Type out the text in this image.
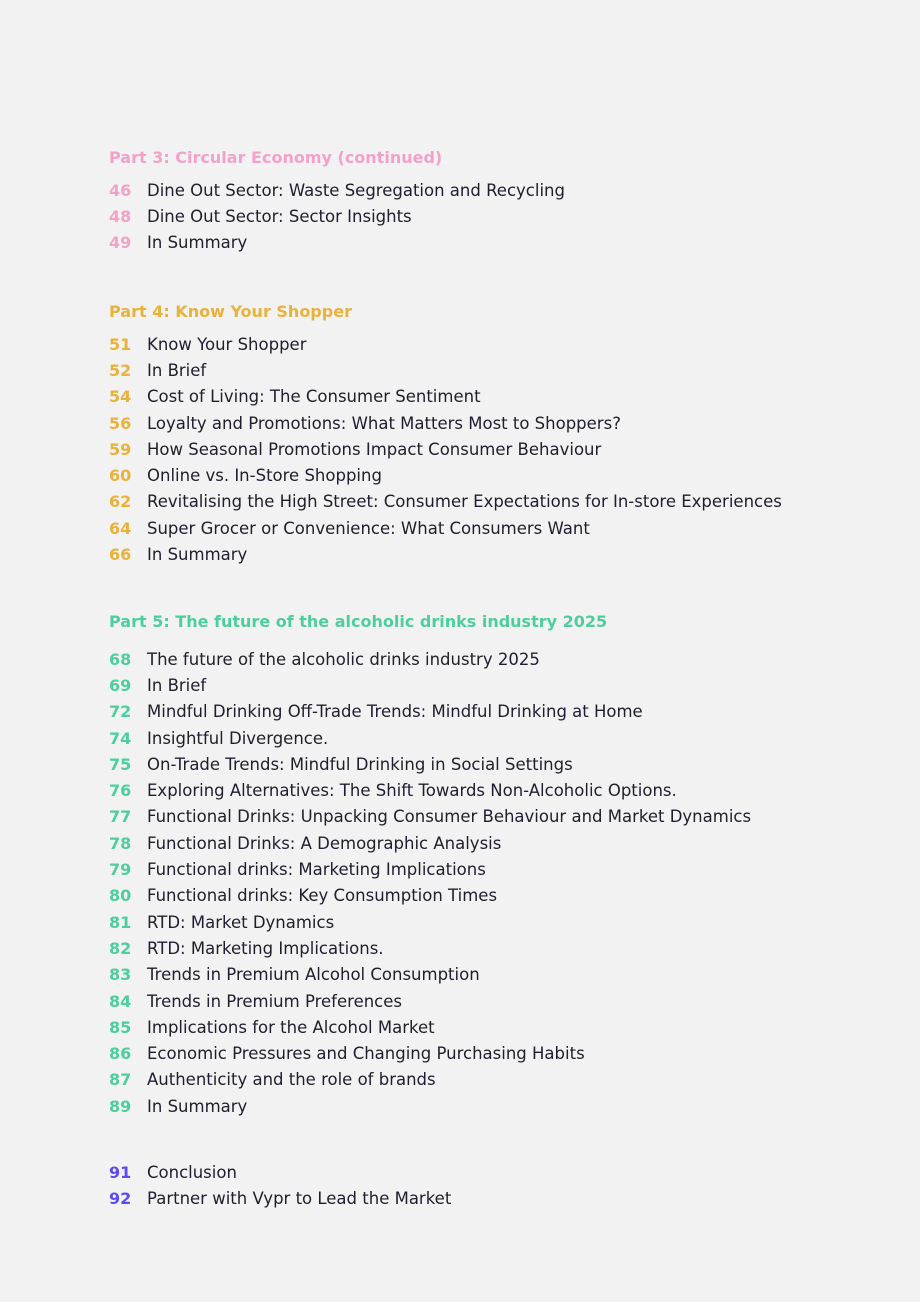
Part 3: Circular Economy (continued)
46 Dine Out Sector: Waste Segregation and Recycling
48 Dine Out Sector: Sector Insights
49 In Summary
Part 4: Know Your Shopper
51 Know Your Shopper
52 In Brief
54 Cost of Living: The Consumer Sentiment
56 Loyalty and Promotions: What Matters Most to Shoppers?
59 How Seasonal Promotions Impact Consumer Behaviour
60 Online vs. In-Store Shopping
62 Revitalising the High Street: Consumer Expectations for In-store Experiences
64 Super Grocer or Convenience: What Consumers Want
66 In Summary
Part 5: The future of the alcoholic drinks industry 2025
68 The future of the alcoholic drinks industry 2025
69 In Brief
72 Mindful Drinking Off-Trade Trends: Mindful Drinking at Home
74 Insightful Divergence.
75 On-Trade Trends: Mindful Drinking in Social Settings
76 Exploring Alternatives: The Shift Towards Non-Alcoholic Options.
77 Functional Drinks: Unpacking Consumer Behaviour and Market Dynamics
78 Functional Drinks: A Demographic Analysis
79 Functional drinks: Marketing Implications
80 Functional drinks: Key Consumption Times
81 RTD: Market Dynamics
82 RTD: Marketing Implications.
83 Trends in Premium Alcohol Consumption
84 Trends in Premium Preferences
85 Implications for the Alcohol Market
86 Economic Pressures and Changing Purchasing Habits
87 Authenticity and the role of brands
89 In Summary
91 Conclusion
92 Partner with Vypr to Lead the Market
